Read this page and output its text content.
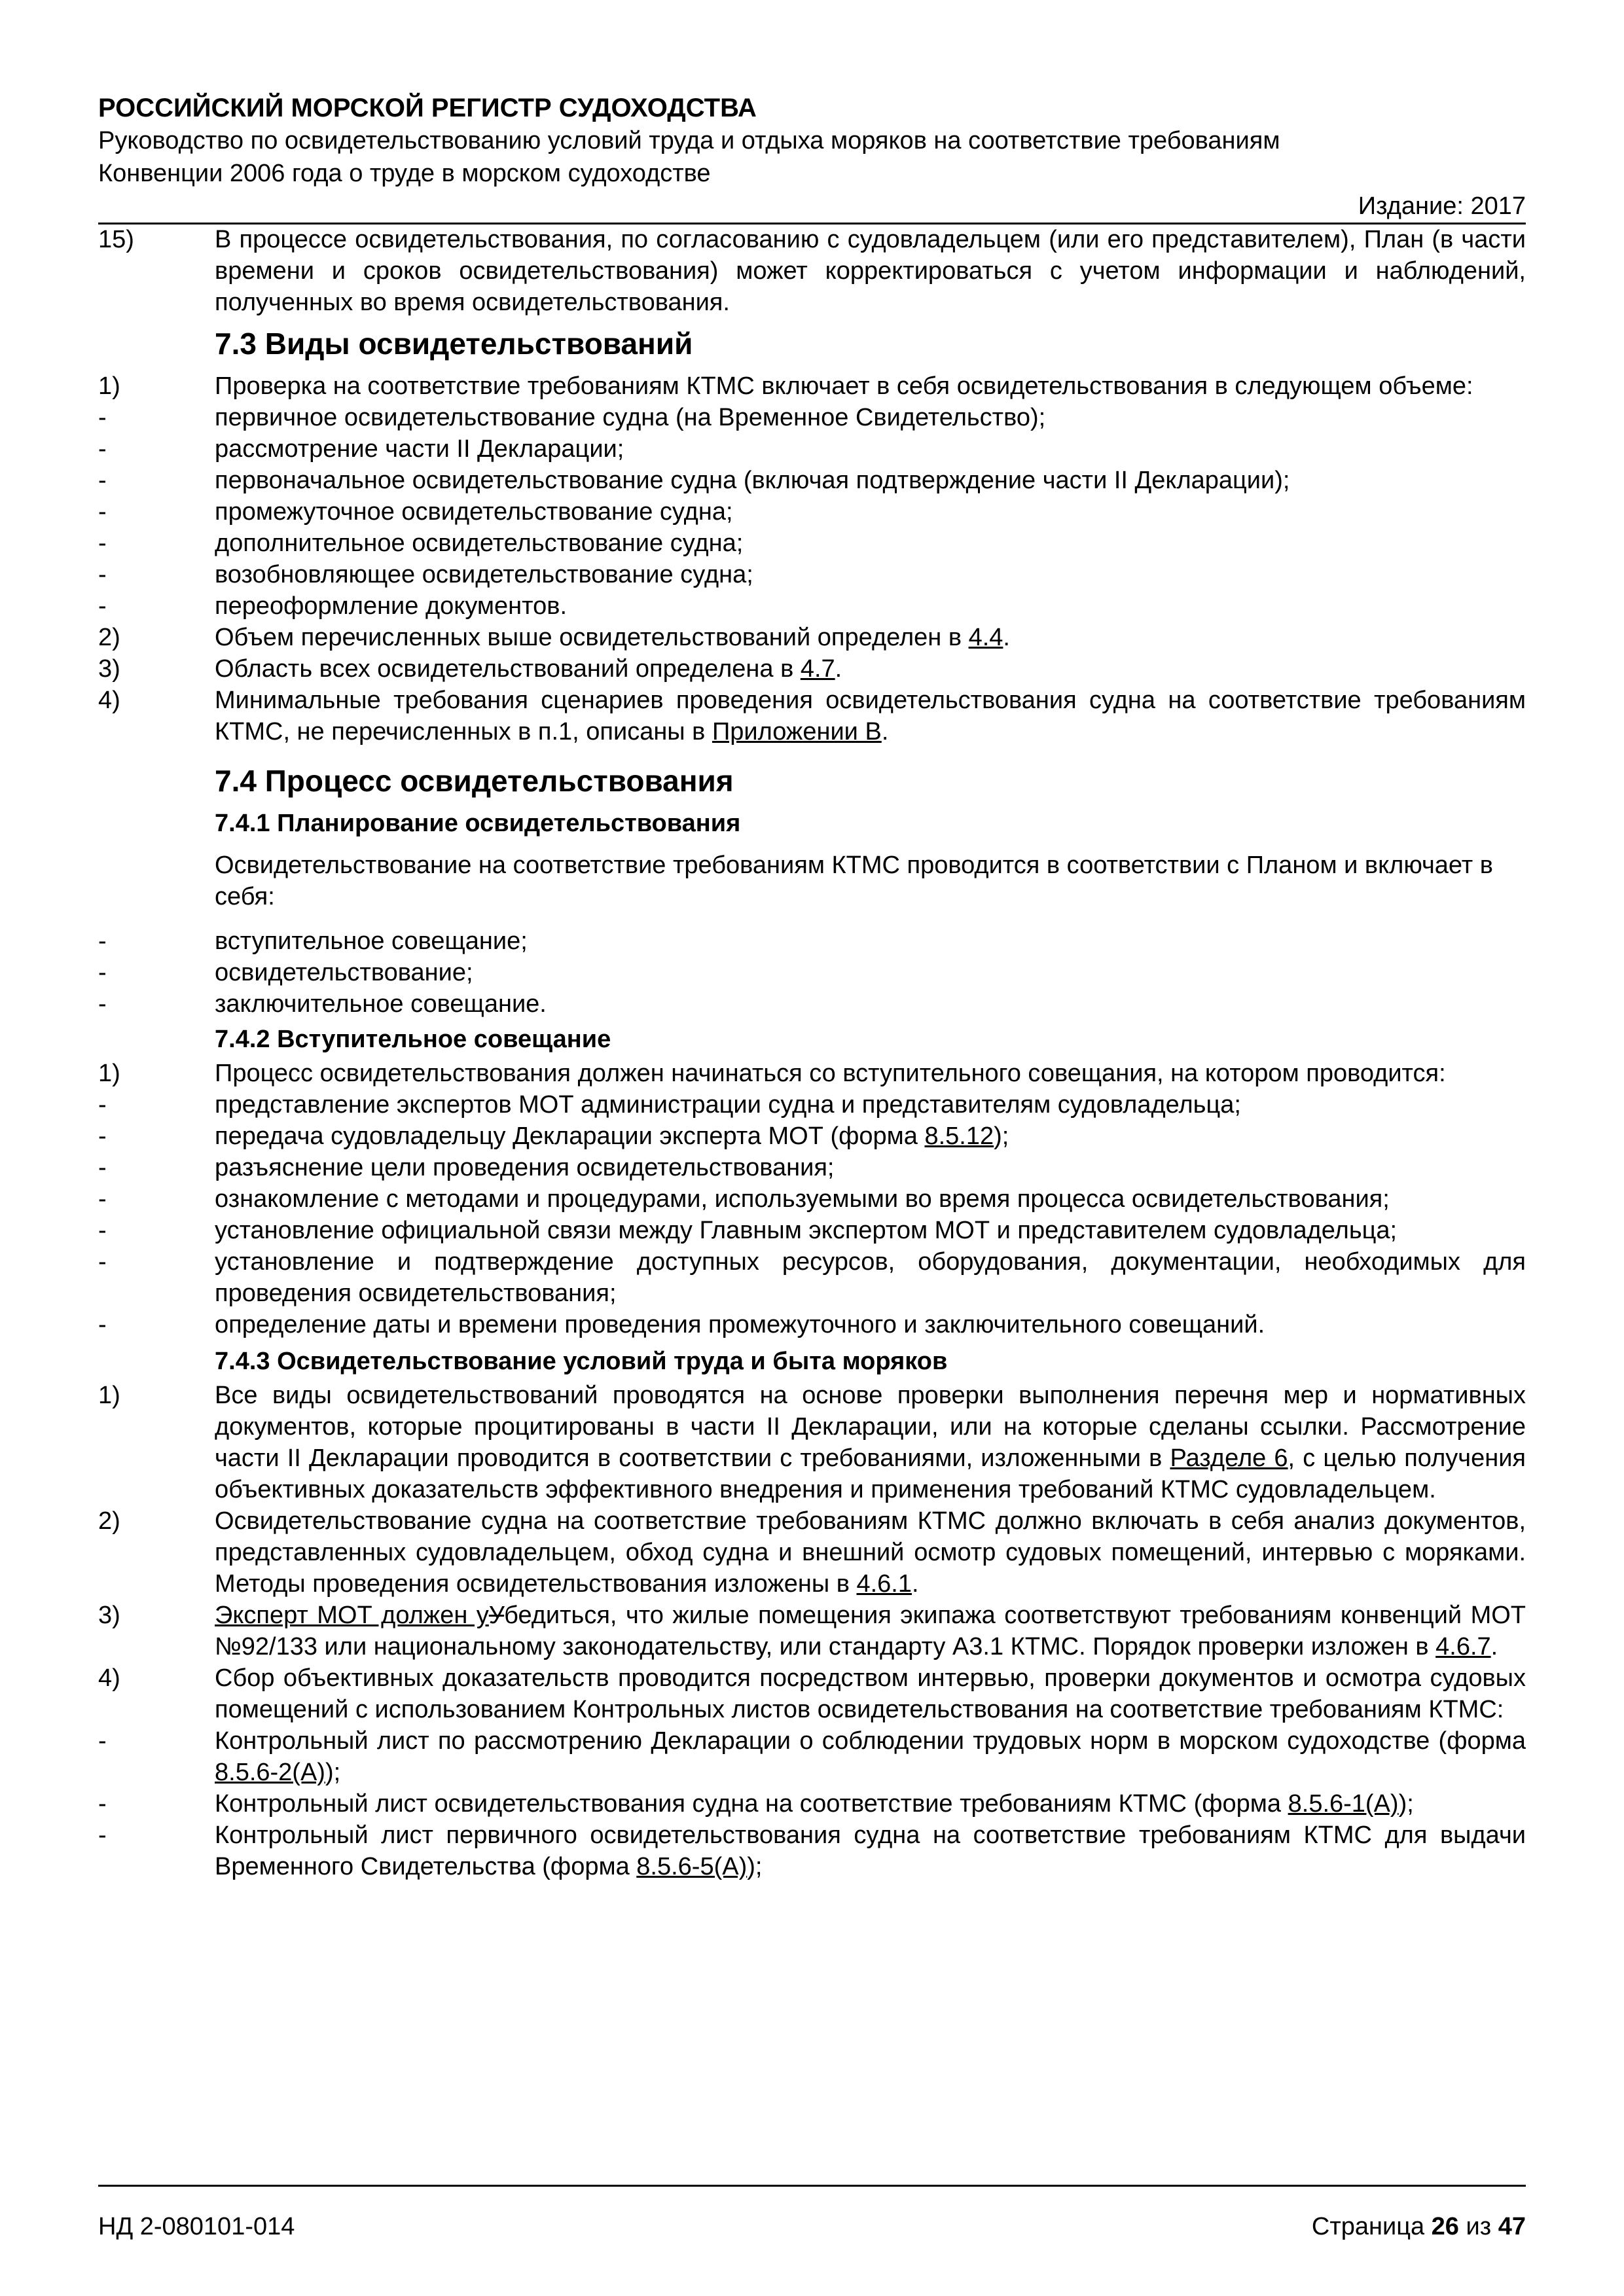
РОССИЙСКИЙ МОРСКОЙ РЕГИСТР СУДОХОДСТВА
Руководство по освидетельствованию условий труда и отдыха моряков на соответствие требованиям
Конвенции 2006 года о труде в морском судоходстве
Издание: 2017
15)	В процессе освидетельствования, по согласованию с судовладельцем (или его представителем), План (в части времени и сроков освидетельствования) может корректироваться с учетом информации и наблюдений, полученных во время освидетельствования.
7.3 Виды освидетельствований
1)	Проверка на соответствие требованиям КТМС включает в себя освидетельствования в следующем объеме:
-	первичное освидетельствование судна (на Временное Свидетельство);
-	рассмотрение части II Декларации;
-	первоначальное освидетельствование судна (включая подтверждение части II Декларации);
-	промежуточное освидетельствование судна;
-	дополнительное освидетельствование судна;
-	возобновляющее освидетельствование судна;
-	переоформление документов.
2)	Объем перечисленных выше освидетельствований определен в 4.4.
3)	Область всех освидетельствований определена в 4.7.
4)	Минимальные требования сценариев проведения освидетельствования судна на соответствие требованиям КТМС, не перечисленных в п.1, описаны в Приложении В.
7.4 Процесс освидетельствования
7.4.1 Планирование освидетельствования
Освидетельствование на соответствие требованиям КТМС проводится в соответствии с Планом и включает в себя:
-	вступительное совещание;
-	освидетельствование;
-	заключительное совещание.
7.4.2 Вступительное совещание
1)	Процесс освидетельствования должен начинаться со вступительного совещания, на котором проводится:
-	представление экспертов МОТ администрации судна и представителям судовладельца;
-	передача судовладельцу Декларации эксперта МОТ (форма 8.5.12);
-	разъяснение цели проведения освидетельствования;
-	ознакомление с методами и процедурами, используемыми во время процесса освидетельствования;
-	установление официальной связи между Главным экспертом МОТ и представителем судовладельца;
-	установление и подтверждение доступных ресурсов, оборудования, документации, необходимых для проведения освидетельствования;
-	определение даты и времени проведения промежуточного и заключительного совещаний.
7.4.3 Освидетельствование условий труда и быта моряков
1)	Все виды освидетельствований проводятся на основе проверки выполнения перечня мер и нормативных документов, которые процитированы в части II Декларации, или на которые сделаны ссылки. Рассмотрение части II Декларации проводится в соответствии с требованиями, изложенными в Разделе 6, с целью получения объективных доказательств эффективного внедрения и применения требований КТМС судовладельцем.
2)	Освидетельствование судна на соответствие требованиям КТМС должно включать в себя анализ документов, представленных судовладельцем, обход судна и внешний осмотр судовых помещений, интервью с моряками. Методы проведения освидетельствования изложены в 4.6.1.
3)	Эксперт МОТ должен уУбедиться, что жилые помещения экипажа соответствуют требованиям конвенций МОТ №92/133 или национальному законодательству, или стандарту А3.1 КТМС. Порядок проверки изложен в 4.6.7.
4)	Сбор объективных доказательств проводится посредством интервью, проверки документов и осмотра судовых помещений с использованием Контрольных листов освидетельствования на соответствие требованиям КТМС:
-	Контрольный лист по рассмотрению Декларации о соблюдении трудовых норм в морском судоходстве (форма 8.5.6-2(А));
-	Контрольный лист освидетельствования судна на соответствие требованиям КТМС (форма 8.5.6-1(А));
-	Контрольный лист первичного освидетельствования судна на соответствие требованиям КТМС для выдачи Временного Свидетельства (форма 8.5.6-5(А));
НД 2-080101-014	Страница 26 из 47
